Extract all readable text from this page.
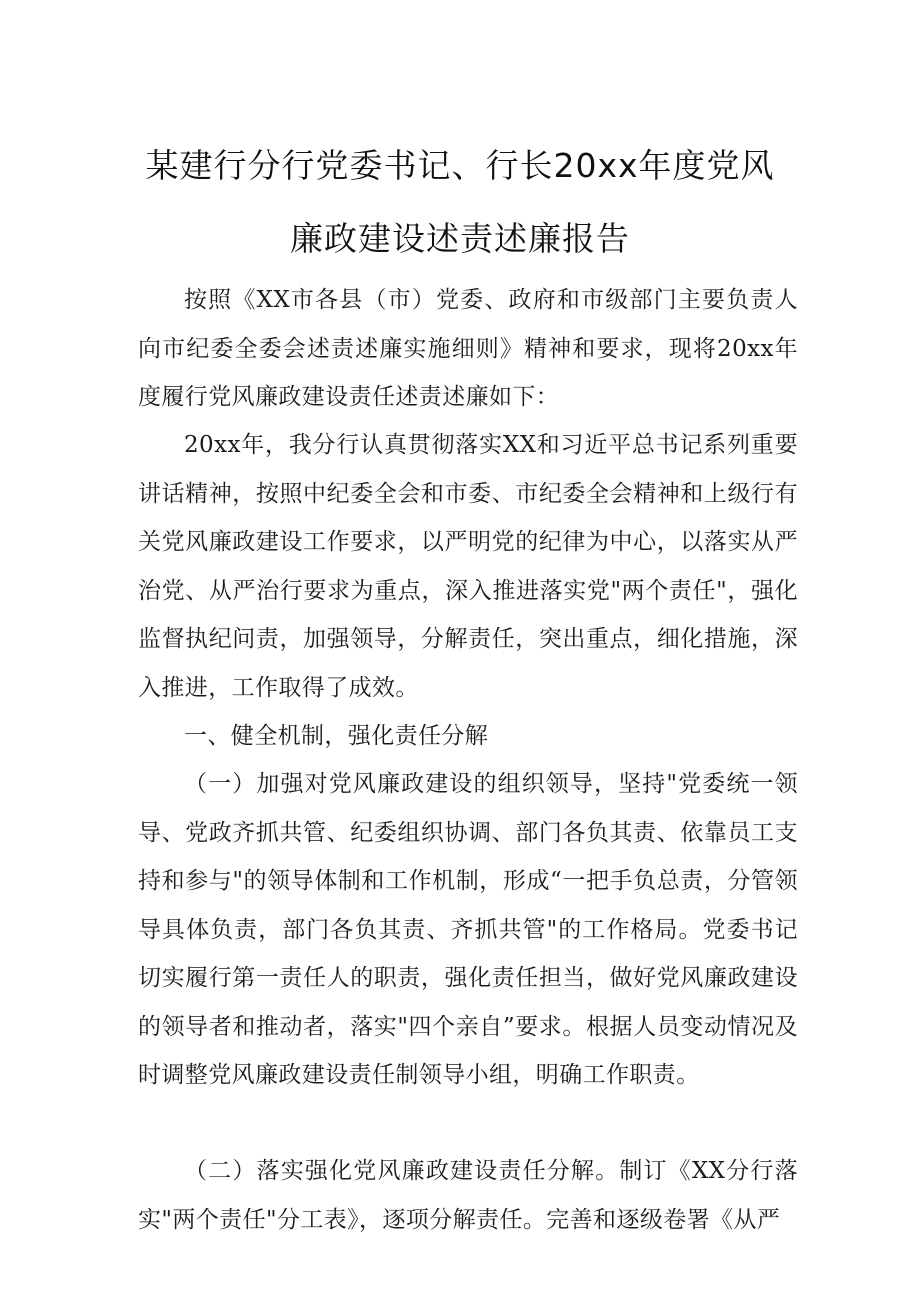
某建行分行党委书记、行长20xx年度党风
廉政建设述责述廉报告

按照《XX市各县（市）党委、政府和市级部门主要负责人向市纪委全委会述责述廉实施细则》精神和要求，现将20xx年度履行党风廉政建设责任述责述廉如下：

20xx年，我分行认真贯彻落实XX和习近平总书记系列重要讲话精神，按照中纪委全会和市委、市纪委全会精神和上级行有关党风廉政建设工作要求，以严明党的纪律为中心，以落实从严治党、从严治行要求为重点，深入推进落实党"两个责任"，强化监督执纪问责，加强领导，分解责任，突出重点，细化措施，深入推进，工作取得了成效。

一、健全机制，强化责任分解

（一）加强对党风廉政建设的组织领导，坚持"党委统一领导、党政齐抓共管、纪委组织协调、部门各负其责、依靠员工支持和参与"的领导体制和工作机制，形成“一把手负总责，分管领导具体负责，部门各负其责、齐抓共管"的工作格局。党委书记切实履行第一责任人的职责，强化责任担当，做好党风廉政建设的领导者和推动者，落实"四个亲自”要求。根据人员变动情况及时调整党风廉政建设责任制领导小组，明确工作职责。

（二）落实强化党风廉政建设责任分解。制订《XX分行落实"两个责任"分工表》，逐项分解责任。完善和逐级卷署《从严
